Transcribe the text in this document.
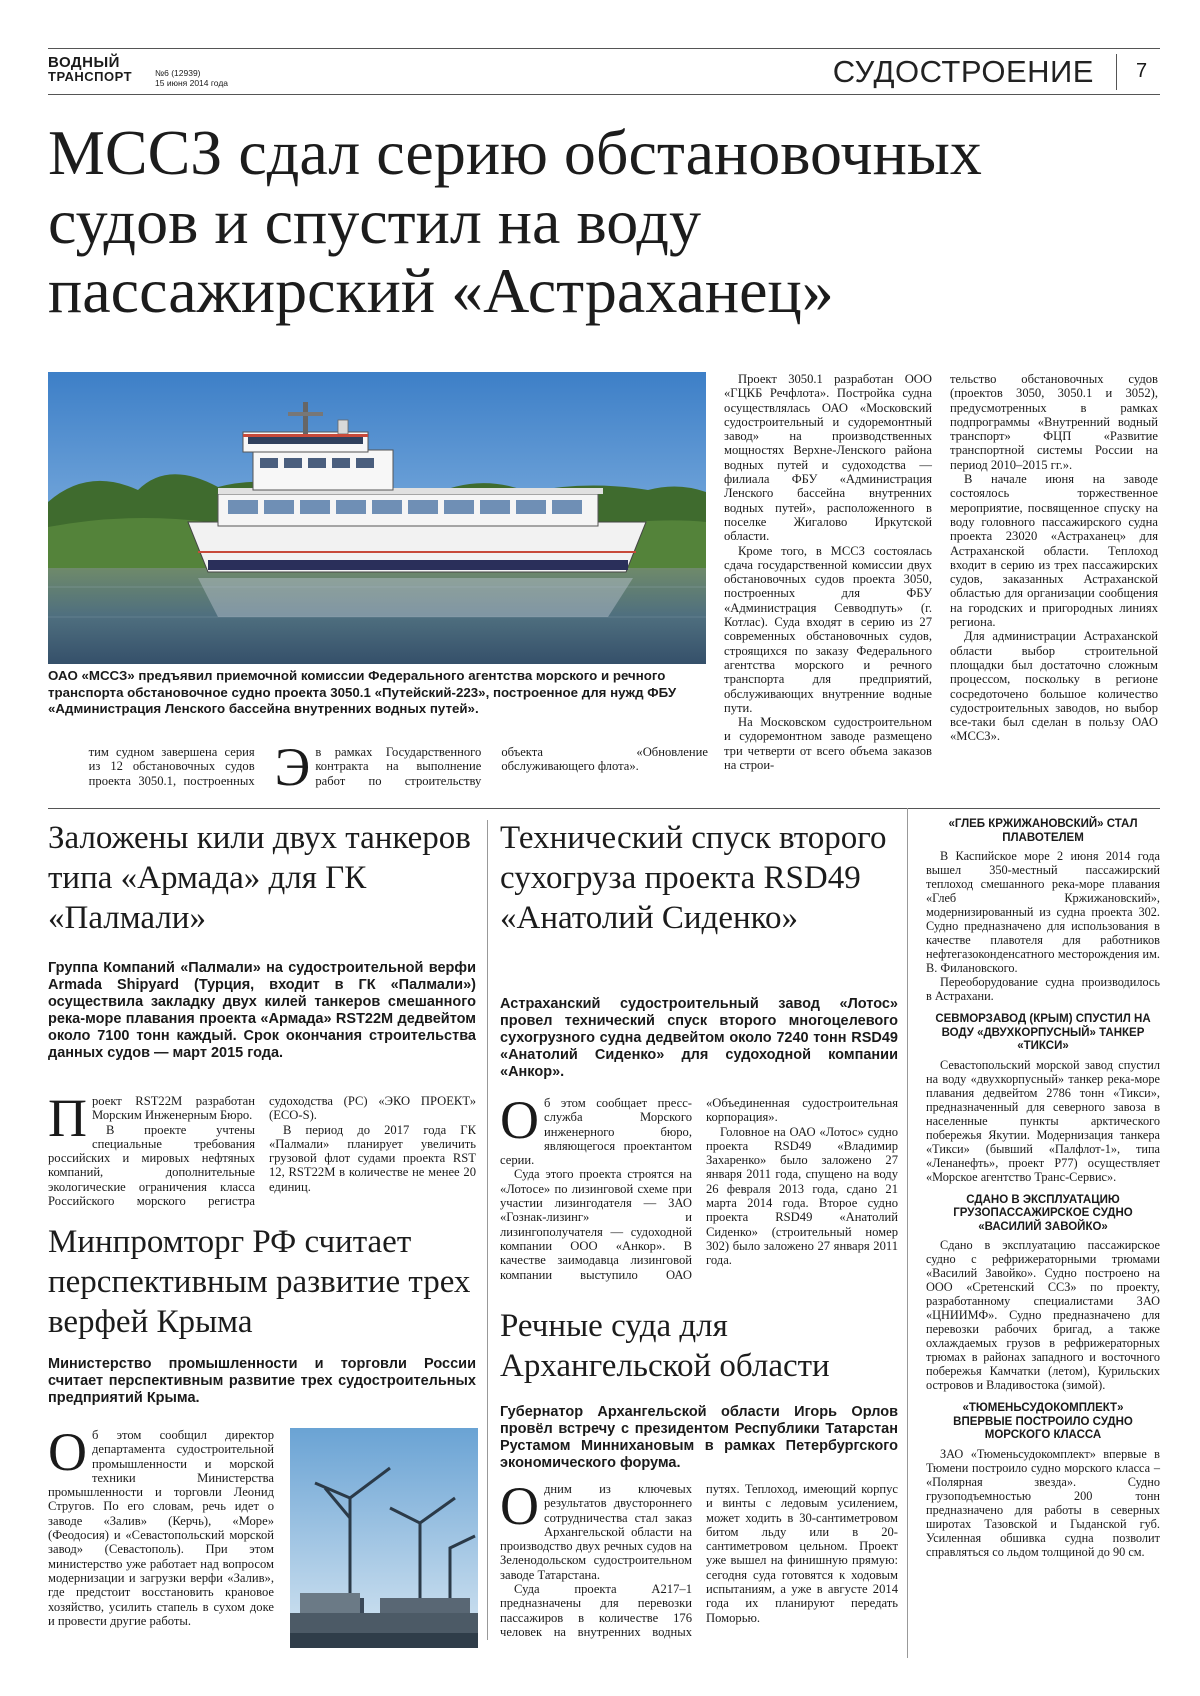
ВОДНЫЙ
ТРАНСПОРТ	№6 (12939)
15 июня 2014 года	СУДОСТРОЕНИЕ 7
МССЗ сдал серию обстановочных
судов и спустил на воду
пассажирский «Астраханец»
ОАО «МССЗ» предъявил приемочной комиссии Федерального агентства морского и речного транспорта обстановочное судно проекта 3050.1 «Путейский-223», построенное для нужд ФБУ «Администрация Ленского бассейна внутренних водных путей».

Э
тим судном завершена серия из 12 обстановочных судов проекта 3050.1, построенных в рамках Государственного контракта на выполнение работ по строительству объекта «Обновление обслуживающего флота».

Проект 3050.1 разработан ООО «ГЦКБ Речфлота». Постройка судна осуществлялась ОАО «Московский судостроительный и судоремонтный завод» на производственных мощностях Верхне-Ленского района водных путей и судоходства — филиала ФБУ «Администрация Ленского бассейна внутренних водных путей», расположенного в поселке Жигалово Иркутской области.

Кроме того, в МССЗ состоялась сдача государственной комиссии двух обстановочных судов проекта 3050, построенных для ФБУ «Администрация Севводпуть» (г. Котлас). Суда входят в серию из 27 современных обстановочных судов, строящихся по заказу Федерального агентства морского и речного транспорта для предприятий, обслуживающих внутренние водные пути.

На Московском судостроительном и судоремонтном заводе размещено три четверти от всего объема заказов на строи-

тельство обстановочных судов (проектов 3050, 3050.1 и 3052), предусмотренных в рамках подпрограммы «Внутренний водный транспорт» ФЦП «Развитие транспортной системы России на период 2010–2015 гг.».

В начале июня на заводе состоялось торжественное мероприятие, посвященное спуску на воду головного пассажирского судна проекта 23020 «Астраханец» для Астраханской области. Теплоход входит в серию из трех пассажирских судов, заказанных Астраханской областью для организации сообщения на городских и пригородных линиях региона.

Для администрации Астраханской области выбор строительной площадки был достаточно сложным процессом, поскольку в регионе сосредоточено большое количество судостроительных заводов, но выбор все-таки был сделан в пользу ОАО «МССЗ».

Заложены кили двух танкеров типа «Армада» для ГК «Палмали»
Группа Компаний «Палмали» на судостроительной верфи Armada Shipyard (Турция, входит в ГК «Палмали») осуществила закладку двух килей танкеров смешанного река-море плавания проекта «Армада» RST22M дедвейтом около 7100 тонн каждый. Срок окончания строительства данных судов — март 2015 года.

Проект RST22M разработан Морским Инженерным Бюро.

В проекте учтены специальные требования российских и мировых нефтяных компаний, дополнительные экологические ограничения класса Российского морского регистра судоходства (РС) «ЭКО ПРОЕКТ» (ECO-S).

В период до 2017 года ГК «Палмали» планирует увеличить грузовой флот судами проекта RST 12, RST22M в количестве не менее 20 единиц.

Минпромторг РФ считает перспективным развитие трех верфей Крыма
Министерство промышленности и торговли России считает перспективным развитие трех судостроительных предприятий Крыма.

Об этом сообщил директор департамента судостроительной промышленности и морской техники Министерства промышленности и торговли Леонид Стругов. По его словам, речь идет о заводе «Залив» (Керчь), «Море» (Феодосия) и «Севастопольский морской завод» (Севастополь). При этом министерство уже работает над вопросом модернизации и загрузки верфи «Залив», где предстоит восстановить крановое хозяйство, усилить стапель в сухом доке и провести другие работы.

Технический спуск второго сухогруза проекта RSD49 «Анатолий Сиденко»
Астраханский судостроительный завод «Лотос» провел технический спуск второго многоцелевого сухогрузного судна дедвейтом около 7240 тонн RSD49 «Анатолий Сиденко» для судоходной компании «Анкор».

Об этом сообщает пресс-служба Морского инженерного бюро, являющегося проектантом серии.

Суда этого проекта строятся на «Лотосе» по лизинговой схеме при участии лизингодателя — ЗАО «Гознак-лизинг» и лизингополучателя — судоходной компании ООО «Анкор». В качестве заимодавца лизинговой компании выступило ОАО «Объединенная судостроительная корпорация».

Головное на ОАО «Лотос» судно проекта RSD49 «Владимир Захаренко» было заложено 27 января 2011 года, спущено на воду 26 февраля 2013 года, сдано 21 марта 2014 года. Второе судно проекта RSD49 «Анатолий Сиденко» (строительный номер 302) было заложено 27 января 2011 года.

Речные суда для Архангельской области
Губернатор Архангельской области Игорь Орлов провёл встречу с президентом Республики Татарстан Рустамом Миннихановым в рамках Петербургского экономического форума.

Одним из ключевых результатов двустороннего сотрудничества стал заказ Архангельской области на производство двух речных судов на Зеленодольском судостроительном заводе Татарстана.

Суда проекта А217–1 предназначены для перевозки пассажиров в количестве 176 человек на внутренних водных путях. Теплоход, имеющий корпус и винты с ледовым усилением, может ходить в 30-сантиметровом битом льду или в 20-сантиметровом цельном. Проект уже вышел на финишную прямую: сегодня суда готовятся к ходовым испытаниям, а уже в августе 2014 года их планируют передать Поморью.

«ГЛЕБ КРЖИЖАНОВСКИЙ» СТАЛ ПЛАВОТЕЛЕМ

В Каспийское море 2 июня 2014 года вышел 350-местный пассажирский теплоход смешанного река-море плавания «Глеб Кржижановский», модернизированный из судна проекта 302. Судно предназначено для использования в качестве плавотеля для работников нефтегазоконденсатного месторождения им. В. Филановского.

Переоборудование судна производилось в Астрахани.

СЕВМОРЗАВОД (КРЫМ) СПУСТИЛ НА ВОДУ «ДВУХКОРПУСНЫЙ» ТАНКЕР «ТИКСИ»

Севастопольский морской завод спустил на воду «двухкорпусный» танкер река-море плавания дедвейтом 2786 тонн «Тикси», предназначенный для северного завоза в населенные пункты арктического побережья Якутии. Модернизация танкера «Тикси» (бывший «Палфлот-1», типа «Ленанефть», проект Р77) осуществляет «Морское агентство Транс-Сервис».

СДАНО В ЭКСПЛУАТАЦИЮ ГРУЗОПАССАЖИРСКОЕ СУДНО «ВАСИЛИЙ ЗАВОЙКО»

Сдано в эксплуатацию пассажирское судно с рефрижераторными трюмами «Василий Завойко». Судно построено на ООО «Сретенский ССЗ» по проекту, разработанному специалистами ЗАО «ЦНИИМФ». Судно предназначено для перевозки рабочих бригад, а также охлаждаемых грузов в рефрижераторных трюмах в районах западного и восточного побережья Камчатки (летом), Курильских островов и Владивостока (зимой).

«ТЮМЕНЬСУДОКОМПЛЕКТ» ВПЕРВЫЕ ПОСТРОИЛО СУДНО МОРСКОГО КЛАССА

ЗАО «Тюменьсудокомплект» впервые в Тюмени построило судно морского класса – «Полярная звезда». Судно грузоподъемностью 200 тонн предназначено для работы в северных широтах Тазовской и Гыданской губ. Усиленная обшивка судна позволит справляться со льдом толщиной до 90 см.
